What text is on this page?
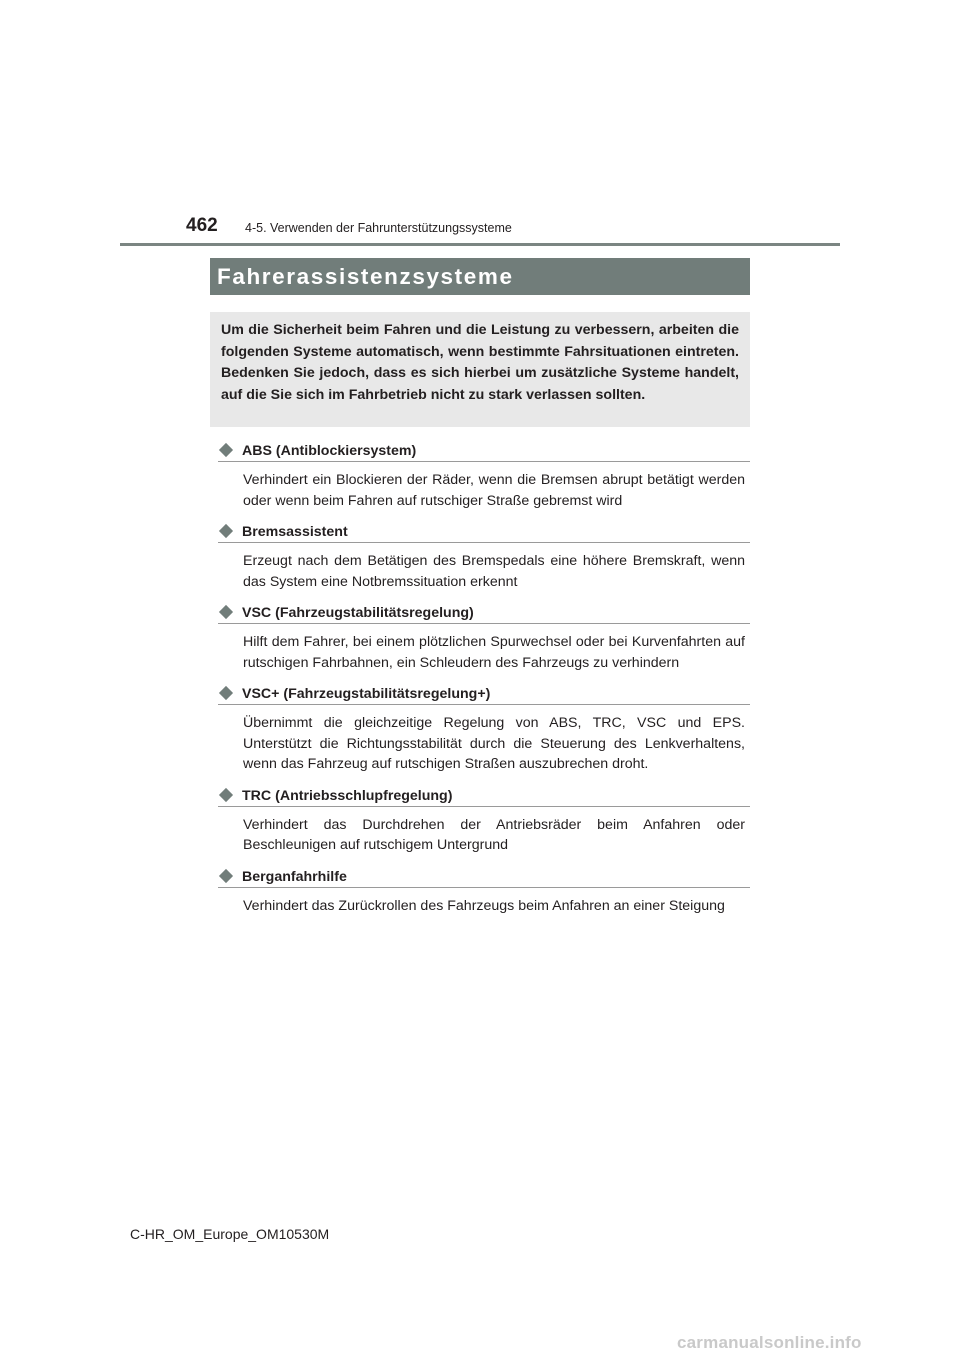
462 4-5. Verwenden der Fahrunterstützungssysteme
Fahrerassistenzsysteme

Um die Sicherheit beim Fahren und die Leistung zu verbessern, arbeiten die folgenden Systeme automatisch, wenn bestimmte Fahrsituationen eintreten. Bedenken Sie jedoch, dass es sich hierbei um zusätzliche Systeme handelt, auf die Sie sich im Fahrbetrieb nicht zu stark verlassen sollten.

ABS (Antiblockiersystem)
Verhindert ein Blockieren der Räder, wenn die Bremsen abrupt betätigt werden oder wenn beim Fahren auf rutschiger Straße gebremst wird
Bremsassistent
Erzeugt nach dem Betätigen des Bremspedals eine höhere Bremskraft, wenn das System eine Notbremssituation erkennt
VSC (Fahrzeugstabilitätsregelung)
Hilft dem Fahrer, bei einem plötzlichen Spurwechsel oder bei Kurvenfahrten auf rutschigen Fahrbahnen, ein Schleudern des Fahrzeugs zu verhindern
VSC+ (Fahrzeugstabilitätsregelung+)
Übernimmt die gleichzeitige Regelung von ABS, TRC, VSC und EPS. Unterstützt die Richtungsstabilität durch die Steuerung des Lenkverhaltens, wenn das Fahrzeug auf rutschigen Straßen auszubrechen droht.
TRC (Antriebsschlupfregelung)
Verhindert das Durchdrehen der Antriebsräder beim Anfahren oder Beschleunigen auf rutschigem Untergrund
Berganfahrhilfe
Verhindert das Zurückrollen des Fahrzeugs beim Anfahren an einer Steigung
C-HR_OM_Europe_OM10530M
carmanualsonline.info
